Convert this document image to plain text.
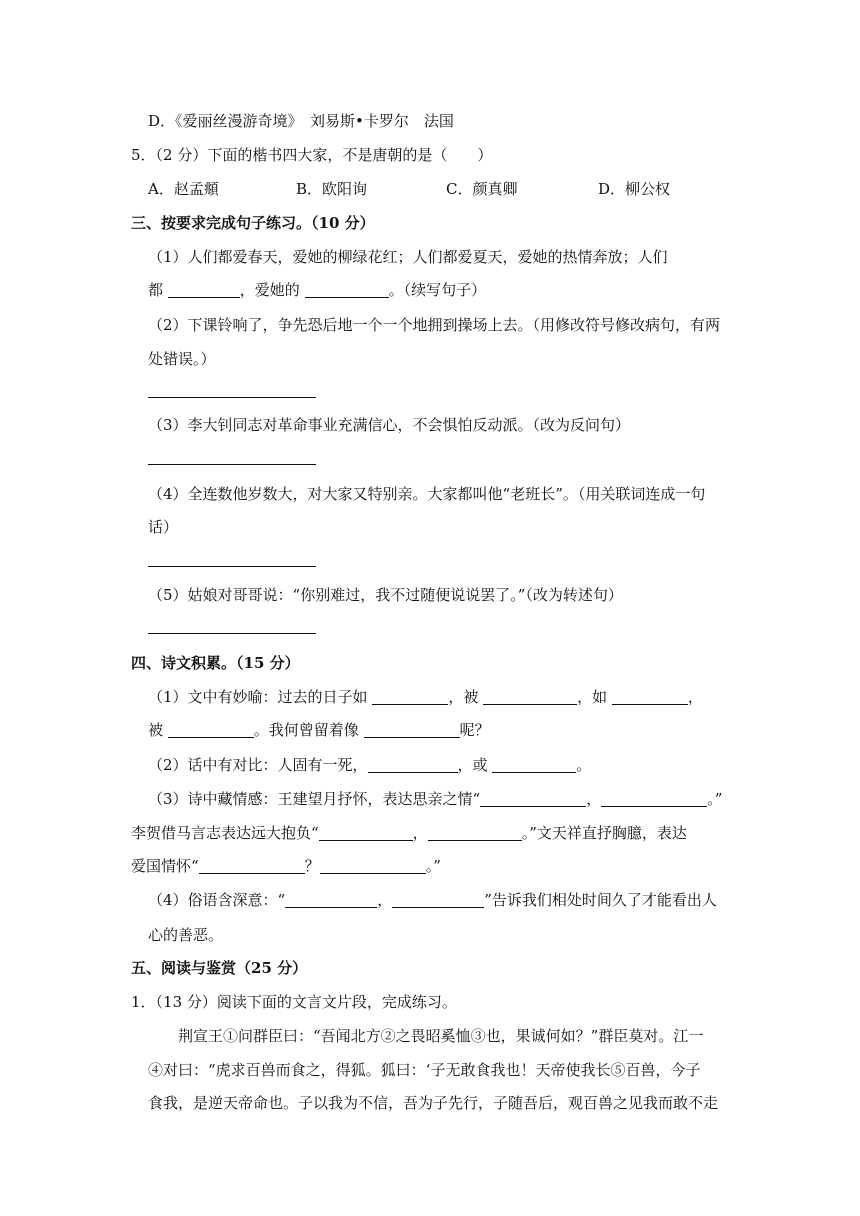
D．《爱丽丝漫游奇境》　刘易斯•卡罗尔　法国
5．（2 分）下面的楷书四大家，不是唐朝的是（　　）
A．赵孟頫	B．欧阳询	C．颜真卿	D．柳公权
三、按要求完成句子练习。（10 分）
（1）人们都爱春天，爱她的柳绿花红；人们都爱夏天，爱她的热情奔放；人们
都	，爱她的	。（续写句子）
（2）下课铃响了，争先恐后地一个一个地拥到操场上去。（用修改符号修改病句，有两
处错误。）
（3）李大钊同志对革命事业充满信心，不会惧怕反动派。（改为反问句）
（4）全连数他岁数大，对大家又特别亲。大家都叫他“老班长”。（用关联词连成一句
话）
（5）姑娘对哥哥说：“你别难过，我不过随便说说罢了。”（改为转述句）
四、诗文积累。（15 分）
（1）文中有妙喻：过去的日子如	，被	，如	，
被	。我何曾留着像	呢？
（2）话中有对比：人固有一死，	，或	。
（3）诗中藏情感：王建望月抒怀，表达思亲之情“	，	。”
李贺借马言志表达远大抱负“	，	。”文天祥直抒胸臆，表达
爱国情怀“	？	。”
（4）俗语含深意：“	，	”告诉我们相处时间久了才能看出人
心的善恶。
五、阅读与鉴赏（25 分）
1．（13 分）阅读下面的文言文片段，完成练习。
荆宣王①问群臣曰：“吾闻北方②之畏昭奚恤③也，果诚何如？”群臣莫对。江一
④对曰：“虎求百兽而食之，得狐。狐曰：‘子无敢食我也！天帝使我长⑤百兽，今子
食我，是逆天帝命也。子以我为不信，吾为子先行，子随吾后，观百兽之见我而敢不走
